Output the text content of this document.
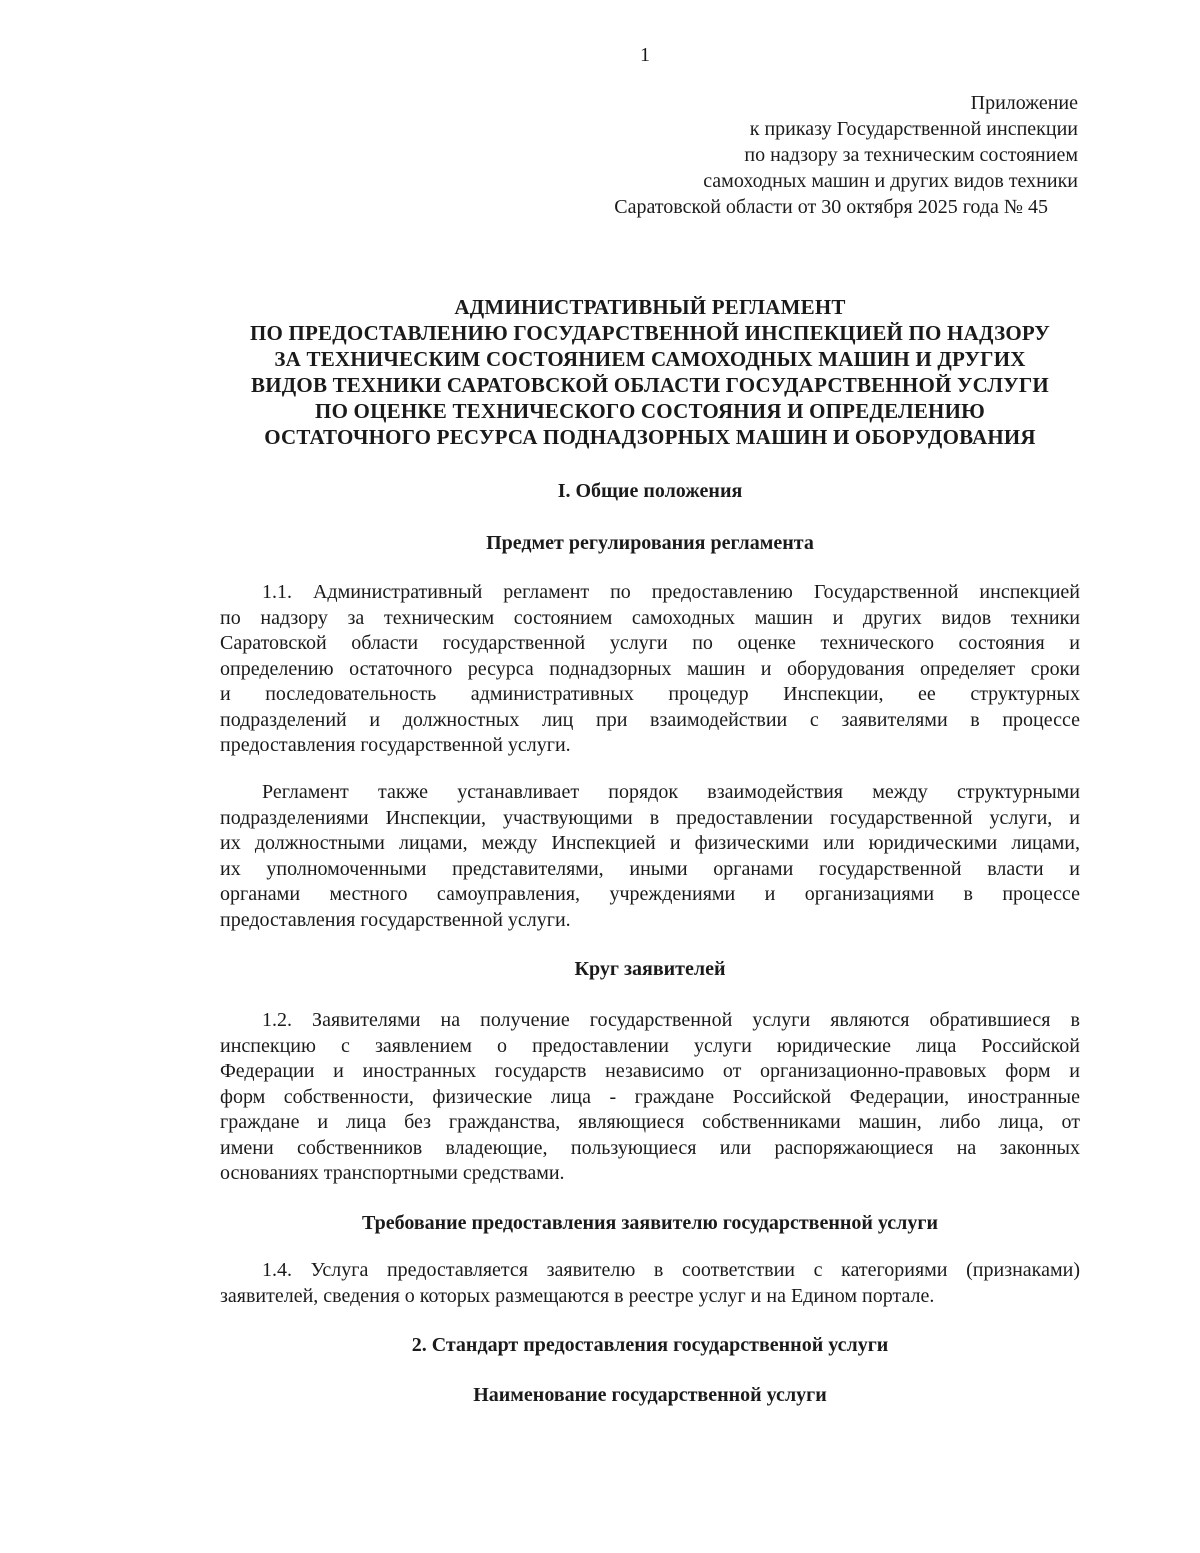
1
Приложение
к приказу Государственной инспекции
по надзору за техническим состоянием
самоходных машин и других видов техники
Саратовской области от 30 октября 2025 года № 45
АДМИНИСТРАТИВНЫЙ РЕГЛАМЕНТ
ПО ПРЕДОСТАВЛЕНИЮ ГОСУДАРСТВЕННОЙ ИНСПЕКЦИЕЙ ПО НАДЗОРУ
ЗА ТЕХНИЧЕСКИМ СОСТОЯНИЕМ САМОХОДНЫХ МАШИН И ДРУГИХ
ВИДОВ ТЕХНИКИ САРАТОВСКОЙ ОБЛАСТИ ГОСУДАРСТВЕННОЙ УСЛУГИ
ПО ОЦЕНКЕ ТЕХНИЧЕСКОГО СОСТОЯНИЯ И ОПРЕДЕЛЕНИЮ
ОСТАТОЧНОГО РЕСУРСА ПОДНАДЗОРНЫХ МАШИН И ОБОРУДОВАНИЯ
I. Общие положения
Предмет регулирования регламента
1.1. Административный регламент по предоставлению Государственной инспекцией
по надзору за техническим состоянием самоходных машин и других видов техники
Саратовской области государственной услуги по оценке технического состояния и
определению остаточного ресурса поднадзорных машин и оборудования определяет сроки
и последовательность административных процедур Инспекции, ее структурных
подразделений и должностных лиц при взаимодействии с заявителями в процессе
предоставления государственной услуги.
Регламент также устанавливает порядок взаимодействия между структурными
подразделениями Инспекции, участвующими в предоставлении государственной услуги, и
их должностными лицами, между Инспекцией и физическими или юридическими лицами,
их уполномоченными представителями, иными органами государственной власти и
органами местного самоуправления, учреждениями и организациями в процессе
предоставления государственной услуги.
Круг заявителей
1.2. Заявителями на получение государственной услуги являются обратившиеся в
инспекцию с заявлением о предоставлении услуги юридические лица Российской
Федерации и иностранных государств независимо от организационно-правовых форм и
форм собственности, физические лица - граждане Российской Федерации, иностранные
граждане и лица без гражданства, являющиеся собственниками машин, либо лица, от
имени собственников владеющие, пользующиеся или распоряжающиеся на законных
основаниях транспортными средствами.
Требование предоставления заявителю государственной услуги
1.4. Услуга предоставляется заявителю в соответствии с категориями (признаками)
заявителей, сведения о которых размещаются в реестре услуг и на Едином портале.
2. Стандарт предоставления государственной услуги
Наименование государственной услуги
